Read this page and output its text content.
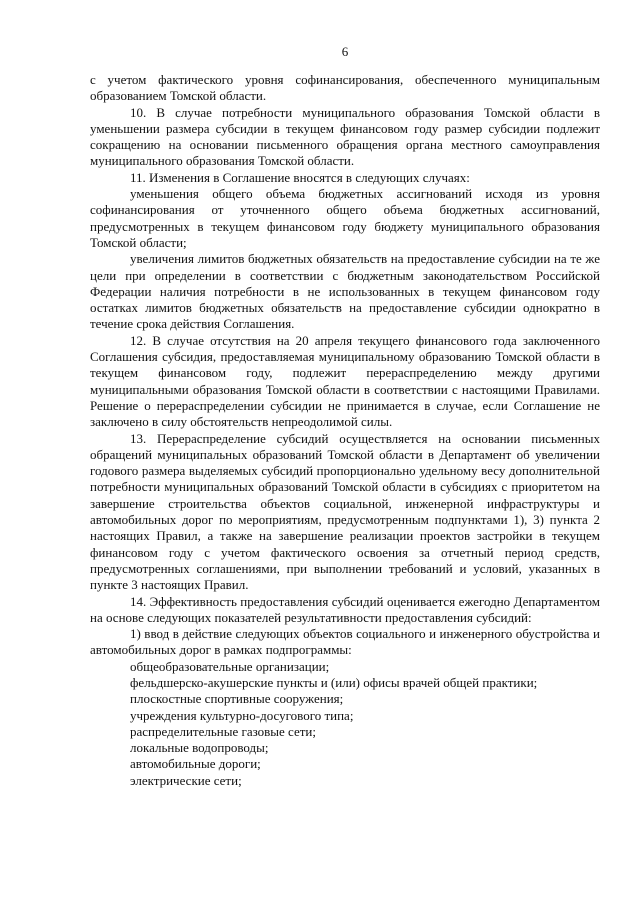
6

с учетом фактического уровня софинансирования, обеспеченного муниципальным образованием Томской области.

10. В случае потребности муниципального образования Томской области в уменьшении размера субсидии в текущем финансовом году размер субсидии подлежит сокращению на основании письменного обращения органа местного самоуправления муниципального образования Томской области.

11. Изменения в Соглашение вносятся в следующих случаях:

уменьшения общего объема бюджетных ассигнований исходя из уровня софинансирования от уточненного общего объема бюджетных ассигнований, предусмотренных в текущем финансовом году бюджету муниципального образования Томской области;

увеличения лимитов бюджетных обязательств на предоставление субсидии на те же цели при определении в соответствии с бюджетным законодательством Российской Федерации наличия потребности в не использованных в текущем финансовом году остатках лимитов бюджетных обязательств на предоставление субсидии однократно в течение срока действия Соглашения.

12. В случае отсутствия на 20 апреля текущего финансового года заключенного Соглашения субсидия, предоставляемая муниципальному образованию Томской области в текущем финансовом году, подлежит перераспределению между другими муниципальными образования Томской области в соответствии с настоящими Правилами. Решение о перераспределении субсидии не принимается в случае, если Соглашение не заключено в силу обстоятельств непреодолимой силы.

13. Перераспределение субсидий осуществляется на основании письменных обращений муниципальных образований Томской области в Департамент об увеличении годового размера выделяемых субсидий пропорционально удельному весу дополнительной потребности муниципальных образований Томской области в субсидиях с приоритетом на завершение строительства объектов социальной, инженерной инфраструктуры и автомобильных дорог по мероприятиям, предусмотренным подпунктами 1), 3) пункта 2 настоящих Правил, а также на завершение реализации проектов застройки в текущем финансовом году с учетом фактического освоения за отчетный период средств, предусмотренных соглашениями, при выполнении требований и условий, указанных в пункте 3 настоящих Правил.

14. Эффективность предоставления субсидий оценивается ежегодно Департаментом на основе следующих показателей результативности предоставления субсидий:

1) ввод в действие следующих объектов социального и инженерного обустройства и автомобильных дорог в рамках подпрограммы:

общеобразовательные организации;

фельдшерско-акушерские пункты и (или) офисы врачей общей практики;

плоскостные спортивные сооружения;

учреждения культурно-досугового типа;

распределительные газовые сети;

локальные водопроводы;

автомобильные дороги;

электрические сети;
